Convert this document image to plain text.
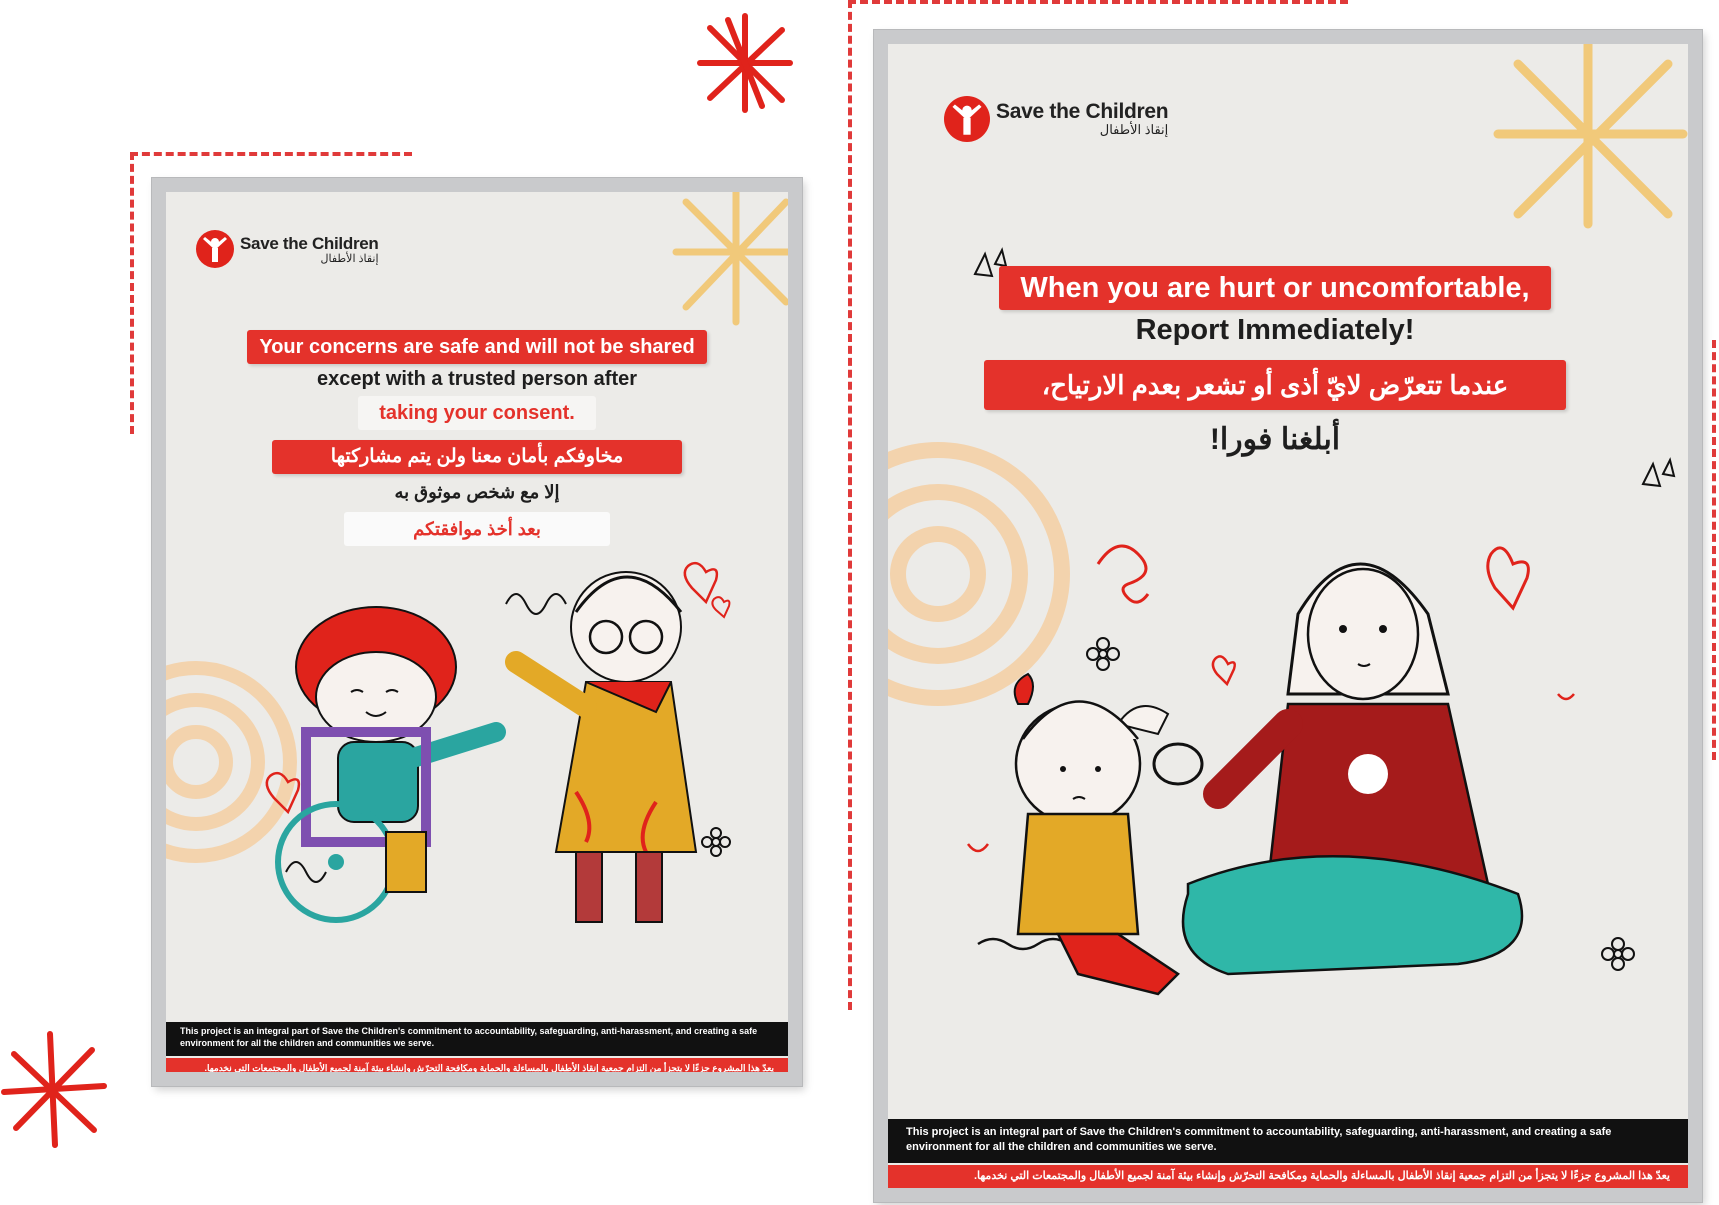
Save the Children
إنقاذ الأطفال
Your concerns are safe and will not be shared
except with a trusted person after
taking your consent.
مخاوفكم بأمان معنا ولن يتم مشاركتها
إلا مع شخص موثوق به
بعد أخذ موافقتكم
This project is an integral part of Save the Children's commitment to accountability, safeguarding, anti-harassment, and creating a safe environment for all the children and communities we serve.
يعدّ هذا المشروع جزءًا لا يتجزأ من التزام جمعية إنقاذ الأطفال بالمساءلة والحماية ومكافحة التحرّش وإنشاء بيئة آمنة لجميع الأطفال والمجتمعات التي نخدمها.
Save the Children
إنقاذ الأطفال
When you are hurt or uncomfortable,
Report Immediately!
عندما تتعرّض لايّ أذى أو تشعر بعدم الارتياح،
أبلغنا فورا!
This project is an integral part of Save the Children's commitment to accountability, safeguarding, anti-harassment, and creating a safe environment for all the children and communities we serve.
يعدّ هذا المشروع جزءًا لا يتجزأ من التزام جمعية إنقاذ الأطفال بالمساءلة والحماية ومكافحة التحرّش وإنشاء بيئة آمنة لجميع الأطفال والمجتمعات التي نخدمها.
